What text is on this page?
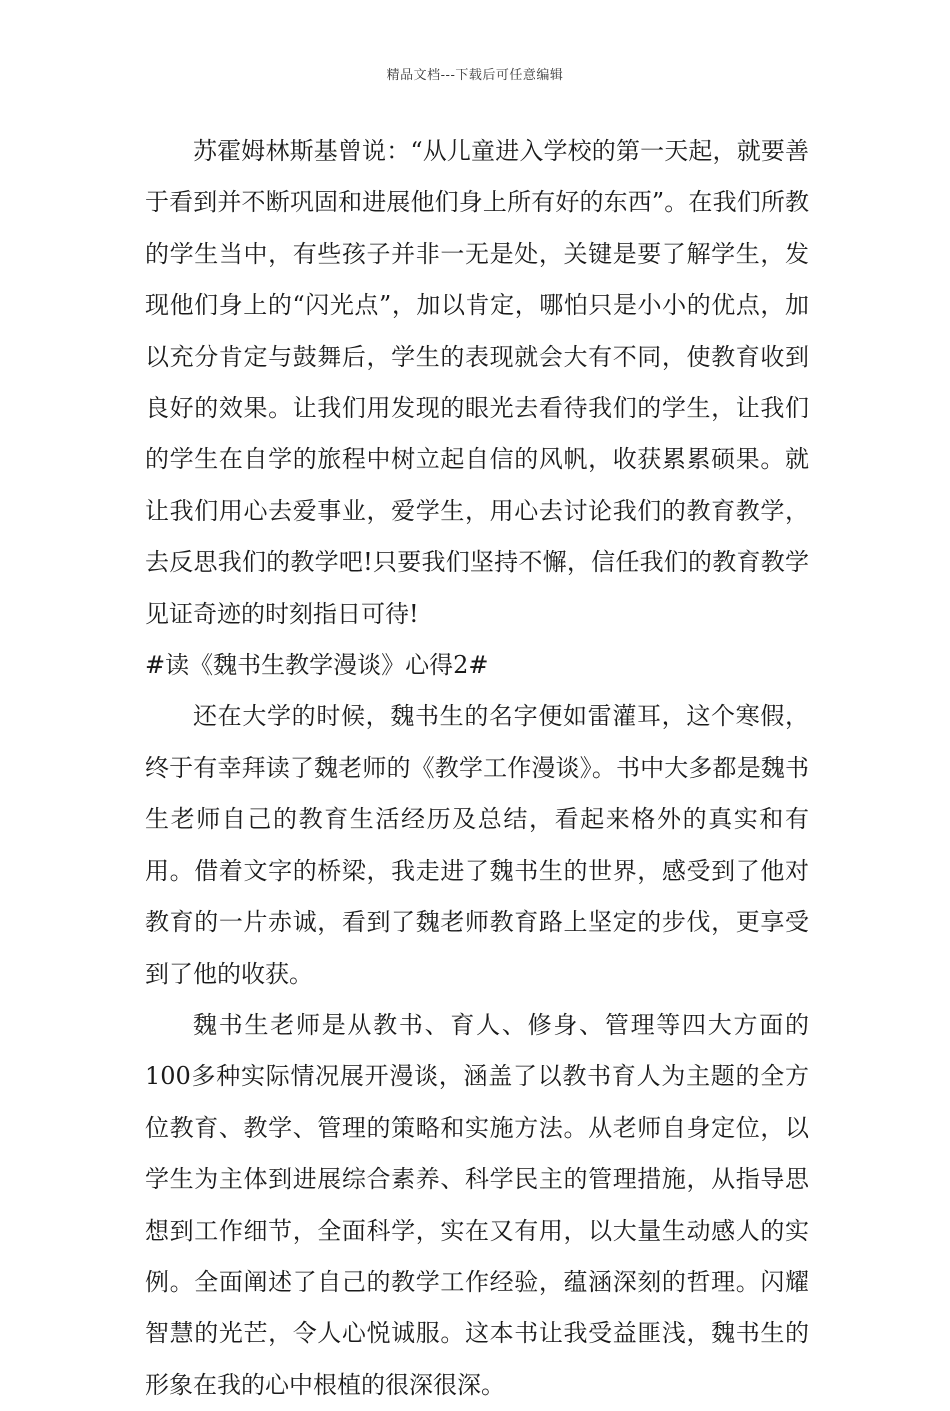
精品文档---下载后可任意编辑

苏霍姆林斯基曾说：“从儿童进入学校的第一天起，就要善于看到并不断巩固和进展他们身上所有好的东西”。在我们所教的学生当中，有些孩子并非一无是处，关键是要了解学生，发现他们身上的“闪光点”，加以肯定，哪怕只是小小的优点，加以充分肯定与鼓舞后，学生的表现就会大有不同，使教育收到良好的效果。让我们用发现的眼光去看待我们的学生，让我们的学生在自学的旅程中树立起自信的风帆，收获累累硕果。就让我们用心去爱事业，爱学生，用心去讨论我们的教育教学，去反思我们的教学吧!只要我们坚持不懈，信任我们的教育教学见证奇迹的时刻指日可待!

#读《魏书生教学漫谈》心得2#

还在大学的时候，魏书生的名字便如雷灌耳，这个寒假，终于有幸拜读了魏老师的《教学工作漫谈》。书中大多都是魏书生老师自己的教育生活经历及总结，看起来格外的真实和有用。借着文字的桥梁，我走进了魏书生的世界，感受到了他对教育的一片赤诚，看到了魏老师教育路上坚定的步伐，更享受到了他的收获。

魏书生老师是从教书、育人、修身、管理等四大方面的100多种实际情况展开漫谈，涵盖了以教书育人为主题的全方位教育、教学、管理的策略和实施方法。从老师自身定位，以学生为主体到进展综合素养、科学民主的管理措施，从指导思想到工作细节，全面科学，实在又有用，以大量生动感人的实例。全面阐述了自己的教学工作经验，蕴涵深刻的哲理。闪耀智慧的光芒，令人心悦诚服。这本书让我受益匪浅，魏书生的形象在我的心中根植的很深很深。
